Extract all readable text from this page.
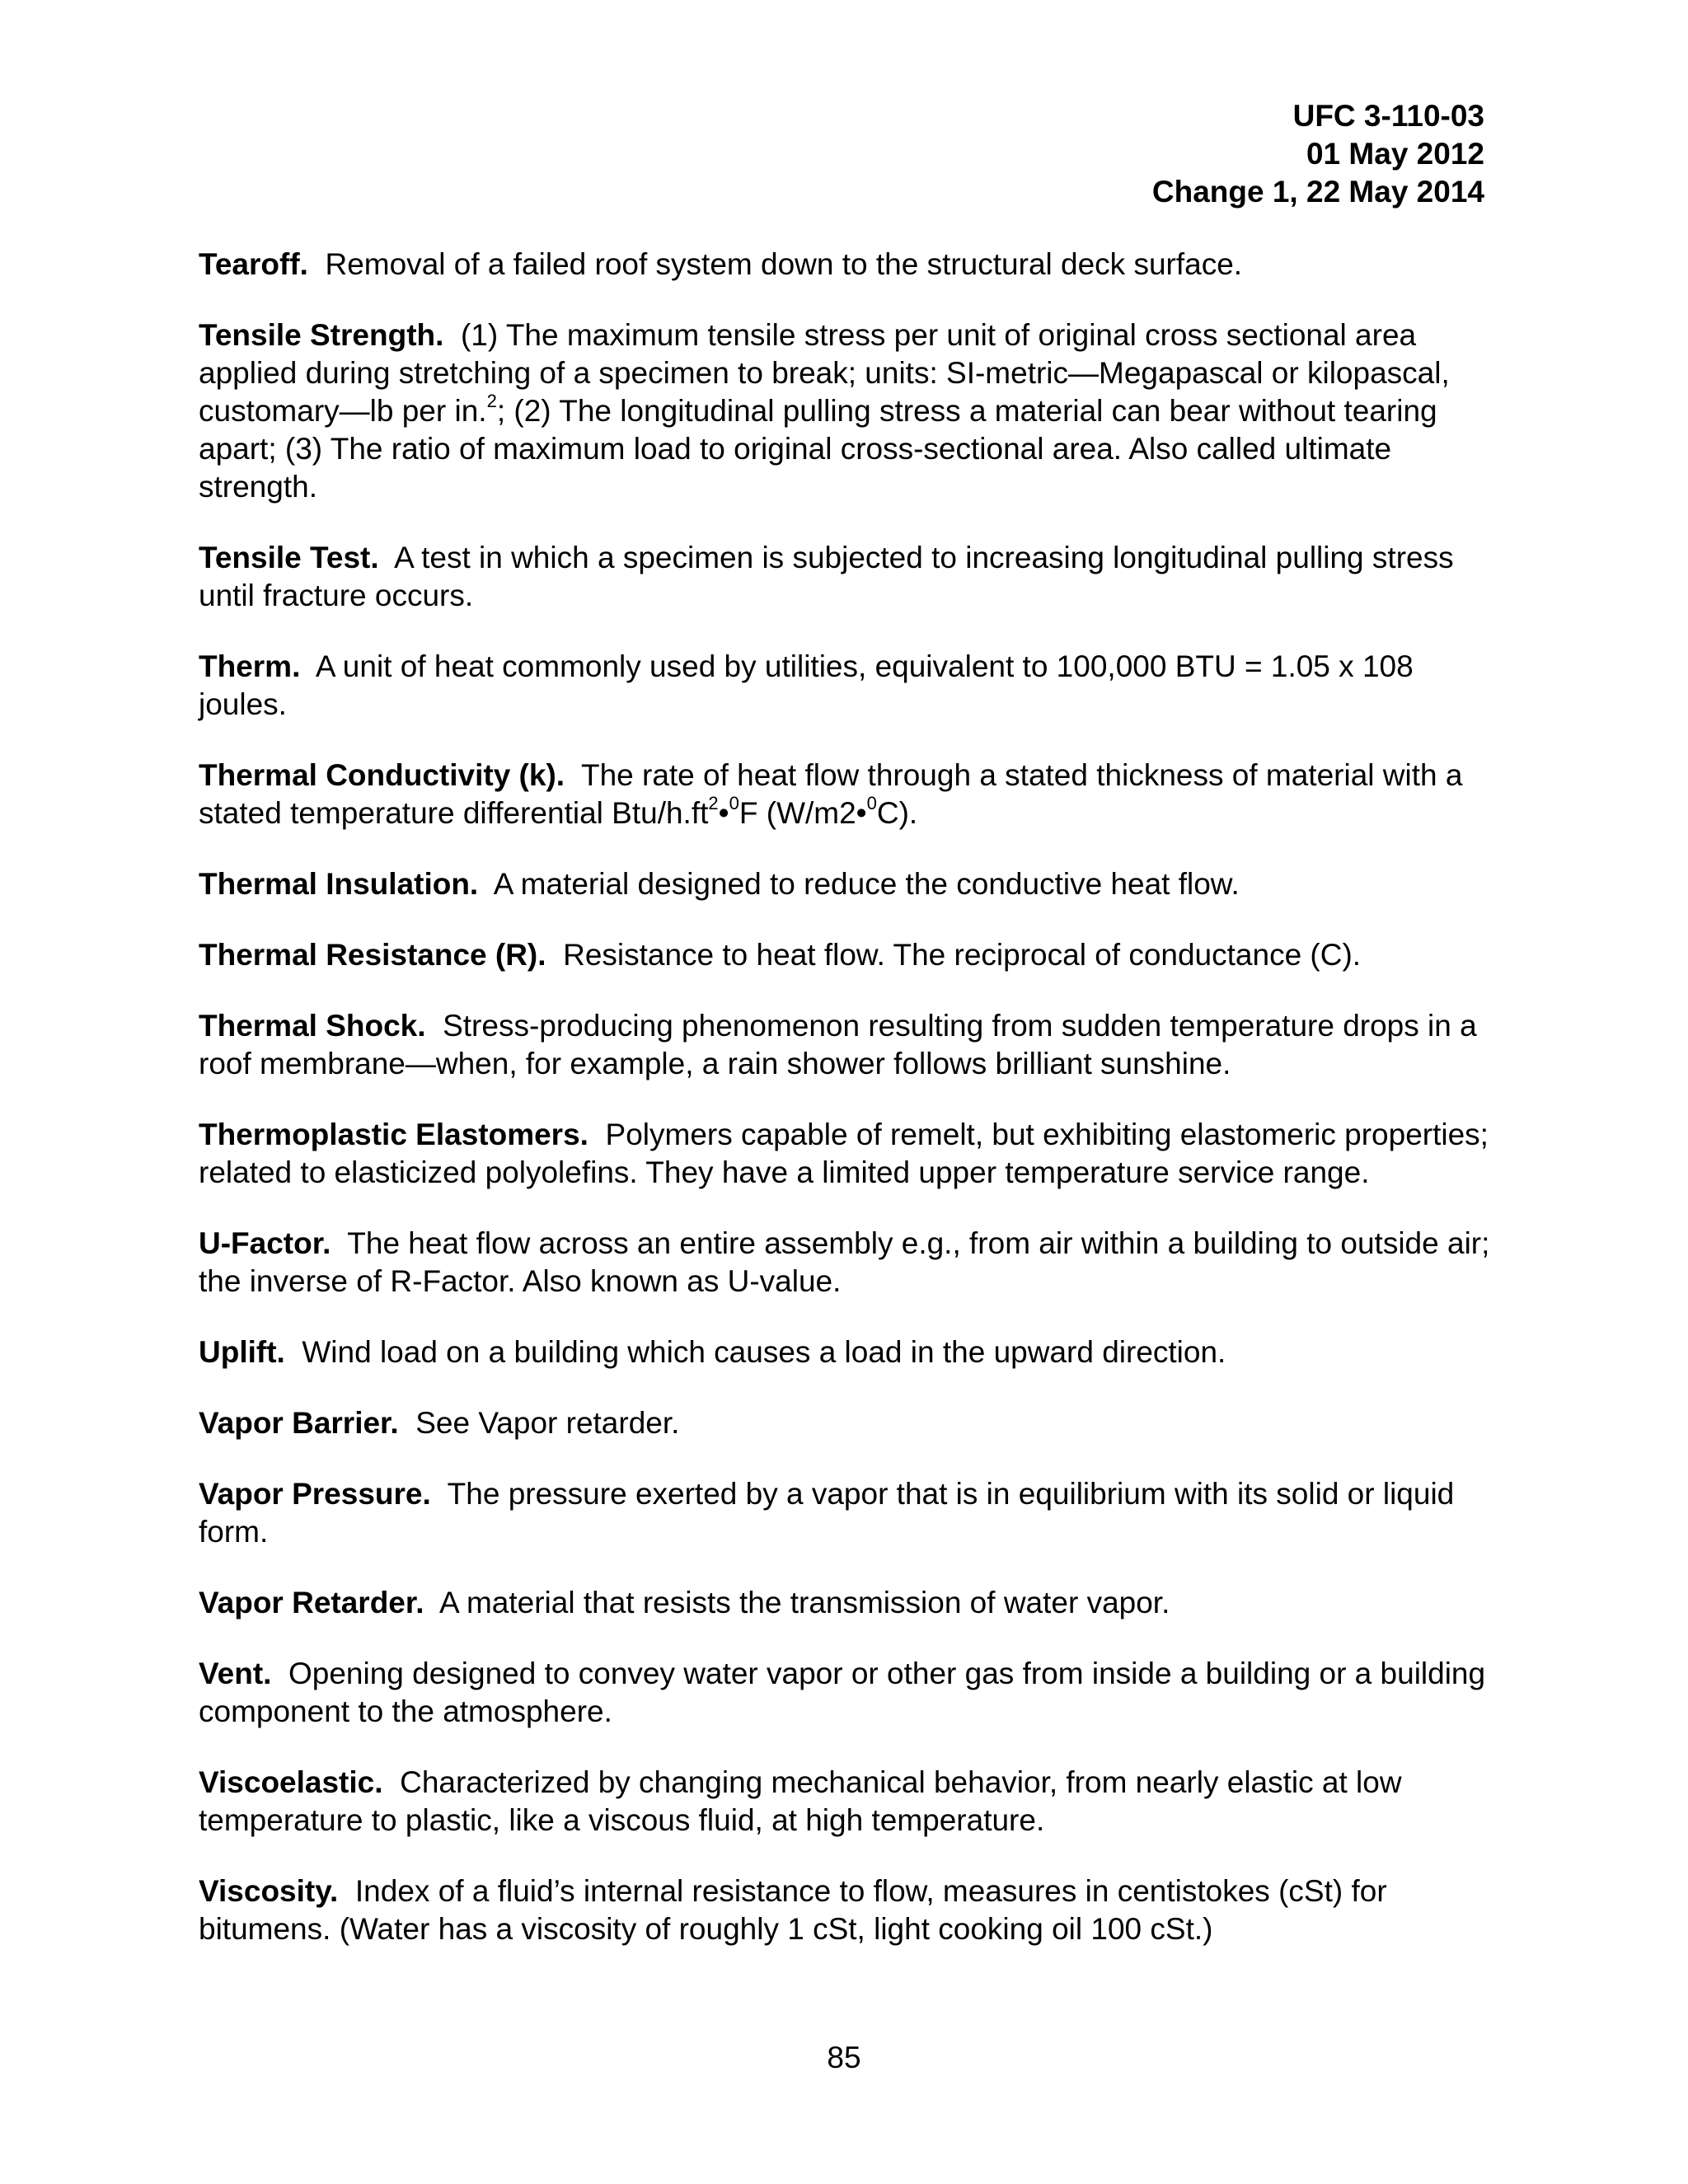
UFC 3-110-03
01 May 2012
Change 1, 22 May 2014

Tearoff. Removal of a failed roof system down to the structural deck surface.

Tensile Strength. (1) The maximum tensile stress per unit of original cross sectional area applied during stretching of a specimen to break; units: SI-metric—Megapascal or kilopascal, customary—lb per in.$^2$; (2) The longitudinal pulling stress a material can bear without tearing apart; (3) The ratio of maximum load to original cross-sectional area. Also called ultimate strength.

Tensile Test. A test in which a specimen is subjected to increasing longitudinal pulling stress until fracture occurs.

Therm. A unit of heat commonly used by utilities, equivalent to 100,000 BTU = 1.05 x 108 joules.

Thermal Conductivity (k). The rate of heat flow through a stated thickness of material with a stated temperature differential Btu/$h.ft^2•^0F$ (W/m2•$^0$C).

Thermal Insulation. A material designed to reduce the conductive heat flow.

Thermal Resistance (R). Resistance to heat flow. The reciprocal of conductance (C).

Thermal Shock. Stress-producing phenomenon resulting from sudden temperature drops in a roof membrane—when, for example, a rain shower follows brilliant sunshine.

Thermoplastic Elastomers. Polymers capable of remelt, but exhibiting elastomeric properties; related to elasticized polyolefins. They have a limited upper temperature service range.

U-Factor. The heat flow across an entire assembly e.g., from air within a building to outside air; the inverse of R-Factor. Also known as U-value.

Uplift. Wind load on a building which causes a load in the upward direction.

Vapor Barrier. See Vapor retarder.

Vapor Pressure. The pressure exerted by a vapor that is in equilibrium with its solid or liquid form.

Vapor Retarder. A material that resists the transmission of water vapor.

Vent. Opening designed to convey water vapor or other gas from inside a building or a building component to the atmosphere.

Viscoelastic. Characterized by changing mechanical behavior, from nearly elastic at low temperature to plastic, like a viscous fluid, at high temperature.

Viscosity. Index of a fluid’s internal resistance to flow, measures in centistokes (cSt) for bitumens. (Water has a viscosity of roughly 1 cSt, light cooking oil 100 cSt.)

85
